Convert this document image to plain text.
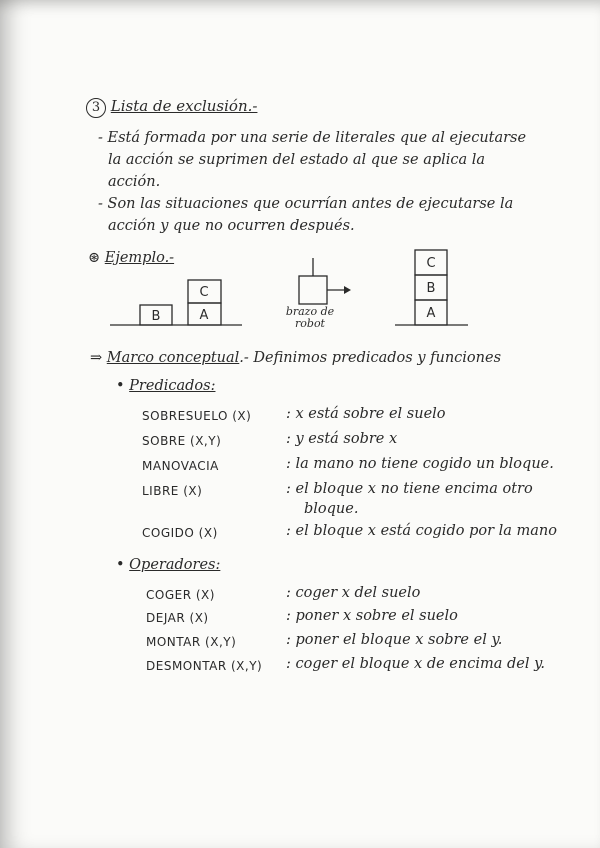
3 Lista de exclusión.-
- Está formada por una serie de literales que al ejecutarse
la acción se suprimen del estado al que se aplica la
acción.
- Son las situaciones que ocurrían antes de ejecutarse la
acción y que no ocurren después.
⊛ Ejemplo.-
B	A
C
C
B
A
brazo de
robot
⇒ Marco conceptual.- Definimos predicados y funciones
• Predicados:
SOBRESUELO (X) : x está sobre el suelo
SOBRE (X,Y)	: y está sobre x
MANOVACIA	: la mano no tiene cogido un bloque.
LIBRE (X)	: el bloque x no tiene encima otro
bloque.
COGIDO (X)	: el bloque x está cogido por la mano
• Operadores:
COGER (X)	: coger x del suelo
DEJAR (X)	: poner x sobre el suelo
MONTAR (X,Y)	: poner el bloque x sobre el y.
DESMONTAR (X,Y) : coger el bloque x de encima del y.
